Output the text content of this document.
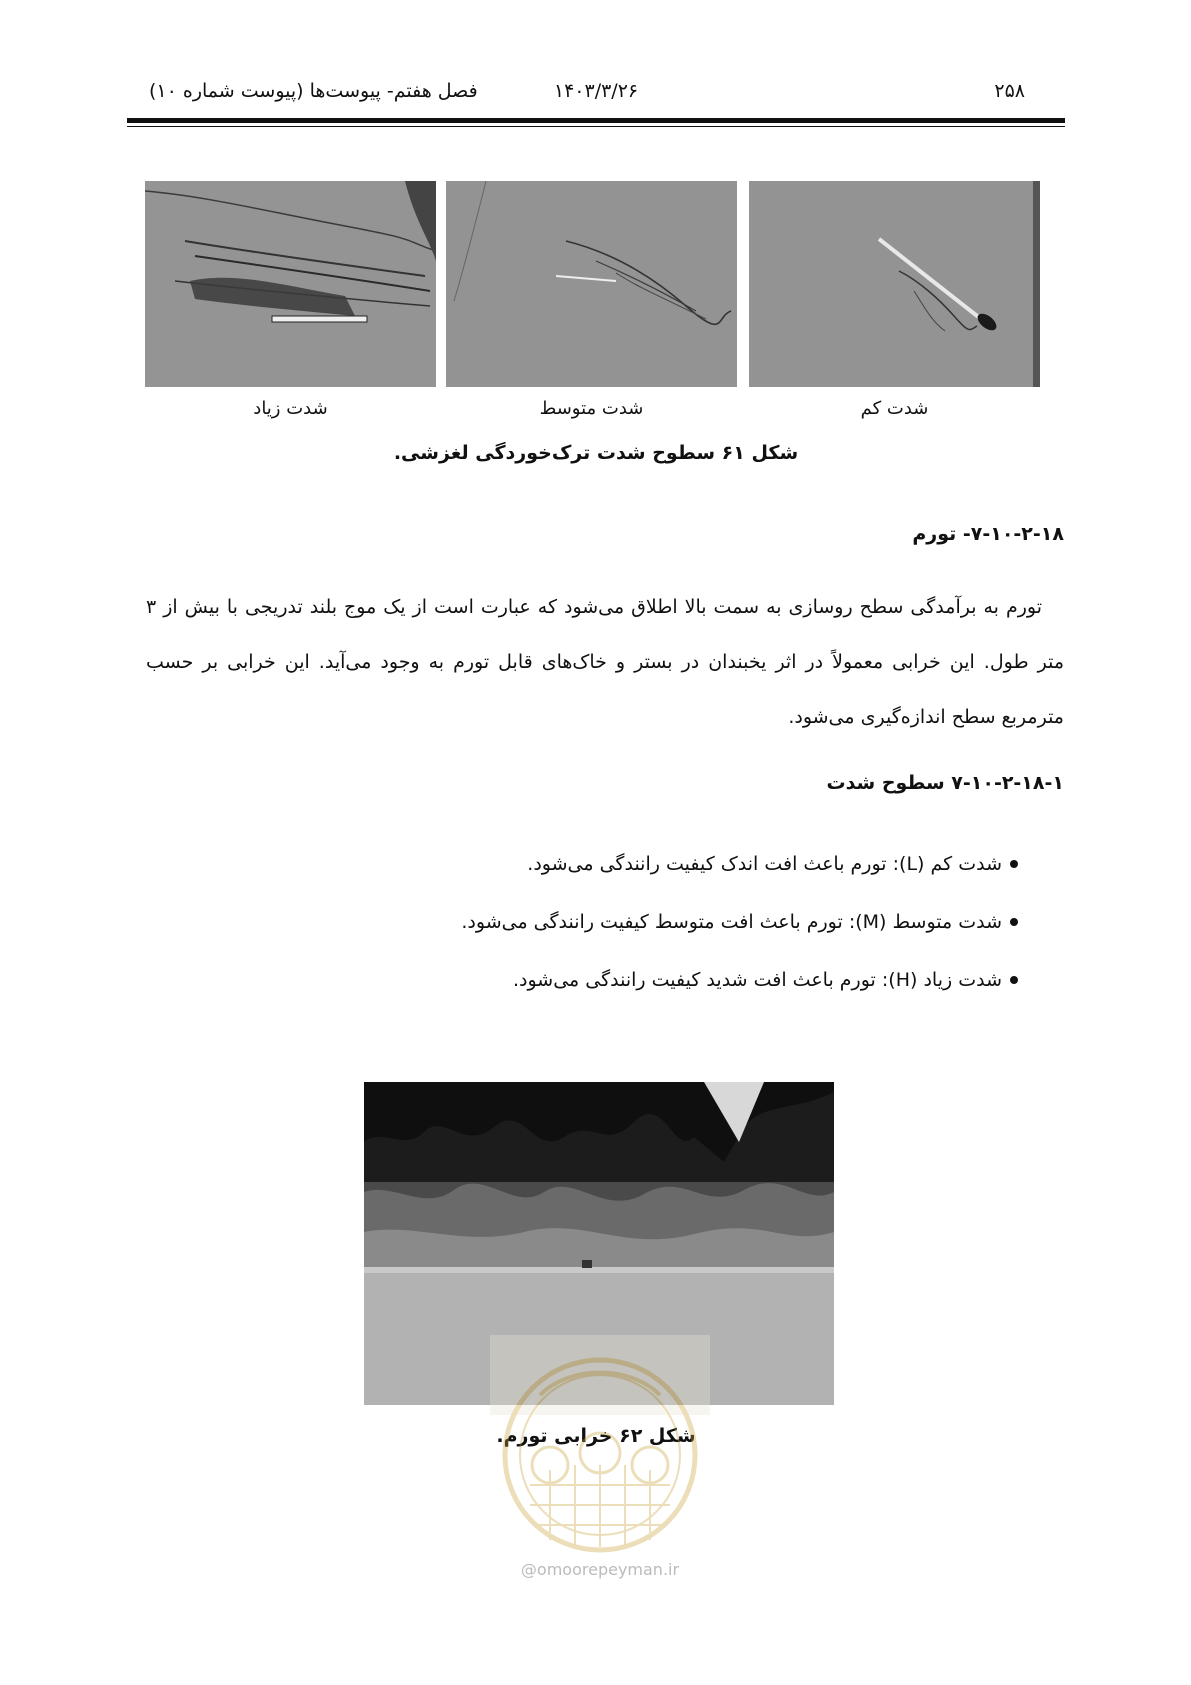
۲۵۸
۱۴۰۳/۳/۲۶
فصل هفتم- پیوست‌ها (پیوست شماره ۱۰)
شدت کم
شدت متوسط
شدت زیاد
شکل ۶۱ سطوح شدت ترک‌خوردگی لغزشی.
۷-۱۰-۲-۱۸- تورم
تورم به برآمدگی سطح روسازی به سمت بالا اطلاق می‌شود که عبارت است از یک موج بلند تدریجی با بیش از ۳ متر طول. این خرابی معمولاً در اثر یخبندان در بستر و خاک‌های قابل تورم به وجود می‌آید. این خرابی بر حسب مترمربع سطح اندازه‌گیری می‌شود.
۷-۱۰-۲-۱۸-۱ سطوح شدت
شدت کم (L): تورم باعث افت اندک کیفیت رانندگی می‌شود.
شدت متوسط (M): تورم باعث افت متوسط کیفیت رانندگی می‌شود.
شدت زیاد (H): تورم باعث افت شدید کیفیت رانندگی می‌شود.
شکل ۶۲ خرابی تورم.
@omoorepeyman.ir
